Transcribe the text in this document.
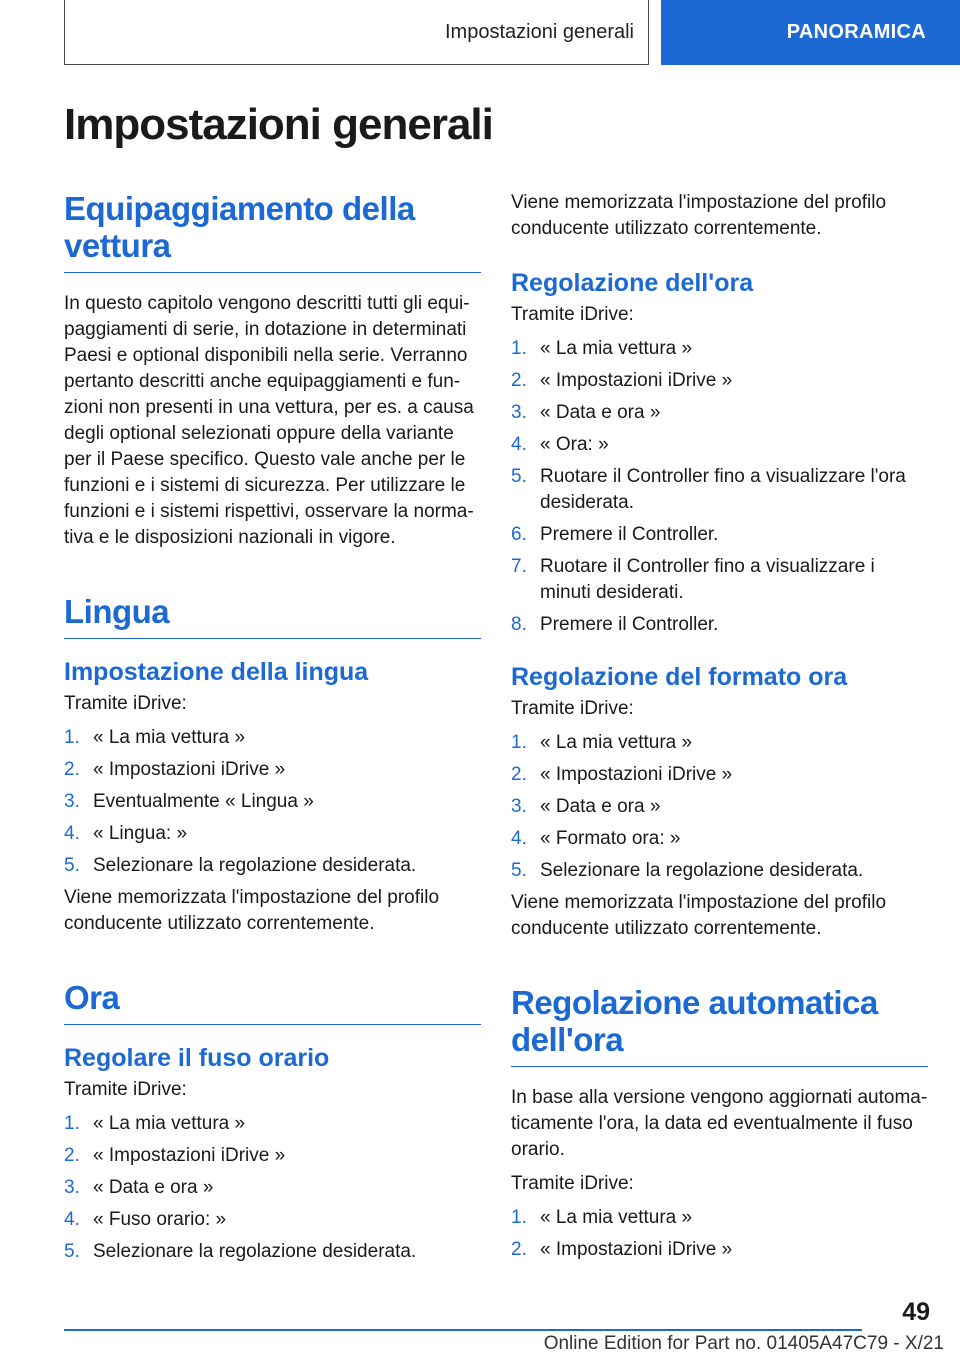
Impostazioni generali	PANORAMICA
Impostazioni generali
Equipaggiamento della vettura

In questo capitolo vengono descritti tutti gli equi-paggiamenti di serie, in dotazione in determinati Paesi e optional disponibili nella serie. Verranno pertanto descritti anche equipaggiamenti e fun-zioni non presenti in una vettura, per es. a causa degli optional selezionati oppure della variante per il Paese specifico. Questo vale anche per le funzioni e i sistemi di sicurezza. Per utilizzare le funzioni e i sistemi rispettivi, osservare la norma-tiva e le disposizioni nazionali in vigore.

Lingua
Impostazione della lingua

Tramite iDrive:

1. « La mia vettura »
2. « Impostazioni iDrive »
3. Eventualmente « Lingua »
4. « Lingua: »
5. Selezionare la regolazione desiderata.

Viene memorizzata l'impostazione del profilo conducente utilizzato correntemente.

Ora
Regolare il fuso orario

Tramite iDrive:

1. « La mia vettura »
2. « Impostazioni iDrive »
3. « Data e ora »
4. « Fuso orario: »
5. Selezionare la regolazione desiderata.

Viene memorizzata l'impostazione del profilo conducente utilizzato correntemente.

Regolazione dell'ora

Tramite iDrive:

1. « La mia vettura »
2. « Impostazioni iDrive »
3. « Data e ora »
4. « Ora: »
5. Ruotare il Controller fino a visualizzare l'ora desiderata.
6. Premere il Controller.
7. Ruotare il Controller fino a visualizzare i minuti desiderati.
8. Premere il Controller.
Regolazione del formato ora

Tramite iDrive:

1. « La mia vettura »
2. « Impostazioni iDrive »
3. « Data e ora »
4. « Formato ora: »
5. Selezionare la regolazione desiderata.

Viene memorizzata l'impostazione del profilo conducente utilizzato correntemente.

Regolazione automatica dell'ora

In base alla versione vengono aggiornati automa-ticamente l'ora, la data ed eventualmente il fuso orario.

Tramite iDrive:

1. « La mia vettura »
2. « Impostazioni iDrive »
49
Online Edition for Part no. 01405A47C79 - X/21
